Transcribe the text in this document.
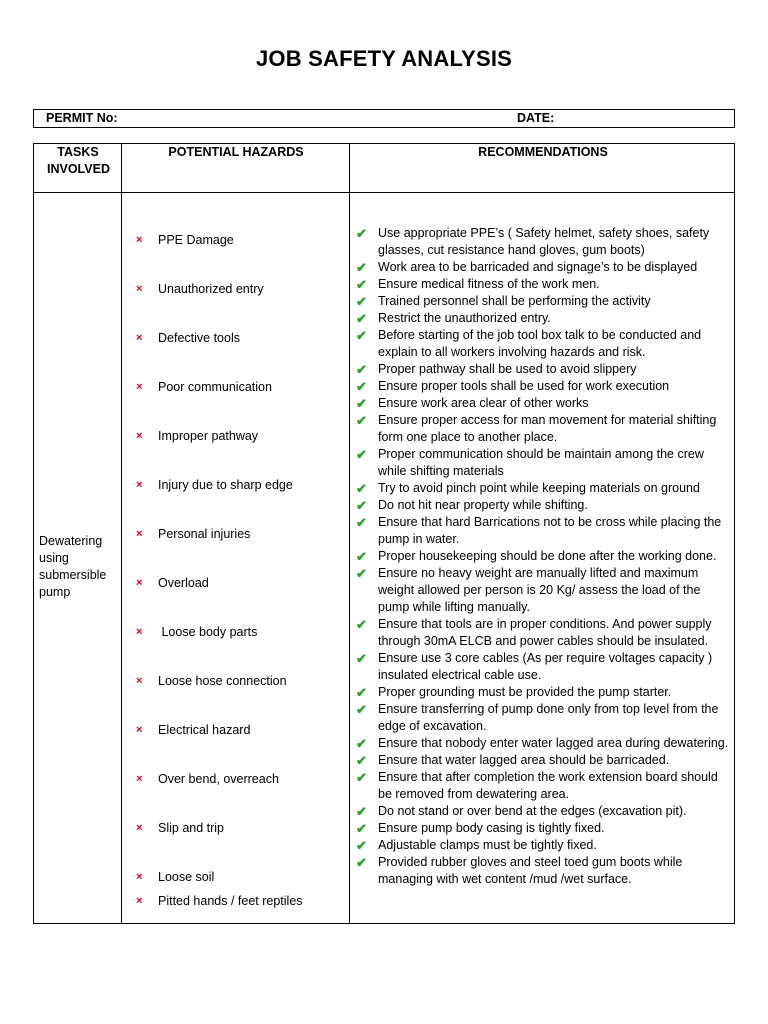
JOB SAFETY ANALYSIS
PERMIT No:	DATE:
TASKS INVOLVED
POTENTIAL HAZARDS	RECOMMENDATIONS
Dewatering using submersible pump
× PPE Damage
× Unauthorized entry
× Defective tools
× Poor communication
× Improper pathway
× Injury due to sharp edge
× Personal injuries
× Overload
× Loose body parts
× Loose hose connection
× Electrical hazard
× Over bend, overreach
× Slip and trip
× Loose soil
× Pitted hands / feet reptiles
✔ Use appropriate PPE’s ( Safety helmet, safety shoes, safety glasses, cut resistance hand gloves, gum boots)
✔ Work area to be barricaded and signage’s to be displayed
✔ Ensure medical fitness of the work men.
✔ Trained personnel shall be performing the activity
✔ Restrict the unauthorized entry.
✔ Before starting of the job tool box talk to be conducted and explain to all workers involving hazards and risk.
✔ Proper pathway shall be used to avoid slippery
✔ Ensure proper tools shall be used for work execution
✔ Ensure work area clear of other works
✔ Ensure proper access for man movement for material shifting form one place to another place.
✔ Proper communication should be maintain among the crew while shifting materials
✔ Try to avoid pinch point while keeping materials on ground
✔ Do not hit near property while shifting.
✔ Ensure that hard Barrications not to be cross while placing the pump in water.
✔ Proper housekeeping should be done after the working done.
✔ Ensure no heavy weight are manually lifted and maximum weight allowed per person is 20 Kg/ assess the load of the pump while lifting manually.
✔ Ensure that tools are in proper conditions. And power supply through 30mA ELCB and power cables should be insulated.
✔ Ensure use 3 core cables (As per require voltages capacity ) insulated electrical cable use.
✔ Proper grounding must be provided the pump starter.
✔ Ensure transferring of pump done only from top level from the edge of excavation.
✔ Ensure that nobody enter water lagged area during dewatering.
✔ Ensure that water lagged area should be barricaded.
✔ Ensure that after completion the work extension board should be removed from dewatering area.
✔ Do not stand or over bend at the edges (excavation pit).
✔ Ensure pump body casing is tightly fixed.
✔ Adjustable clamps must be tightly fixed.
✔ Provided rubber gloves and steel toed gum boots while managing with wet content /mud /wet surface.
